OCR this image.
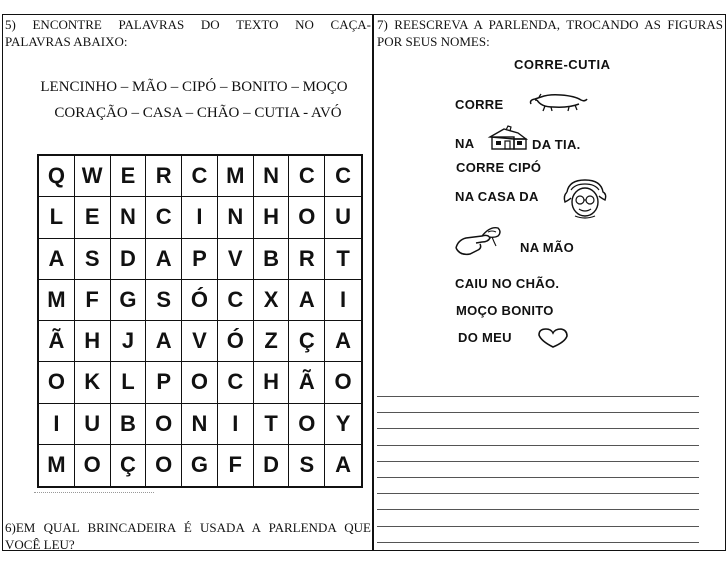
5) ENCONTRE PALAVRAS DO TEXTO NO CAÇA-
PALAVRAS ABAIXO:
LENCINHO – MÃO – CIPÓ – BONITO – MOÇO
CORAÇÃO – CASA – CHÃO – CUTIA - AVÓ
Q W E R C M N C C
L E N C	I	N H O U
A S D A P V B R T
M F G S Ó C X A	I
Ã H J A V Ó Z Ç A
O K L P O C H Ã O
I	U B O N	I	T O Y
M O Ç O G F D S A
6)EM QUAL BRINCADEIRA É USADA A PARLENDA QUE
VOCÊ LEU?
7) REESCREVA A PARLENDA, TROCANDO AS FIGURAS
POR SEUS NOMES:
CORRE-CUTIA
CORRE
NA	DA TIA.
CORRE CIPÓ
NA CASA DA
NA MÃO
CAIU NO CHÃO.
MOÇO BONITO
DO MEU
